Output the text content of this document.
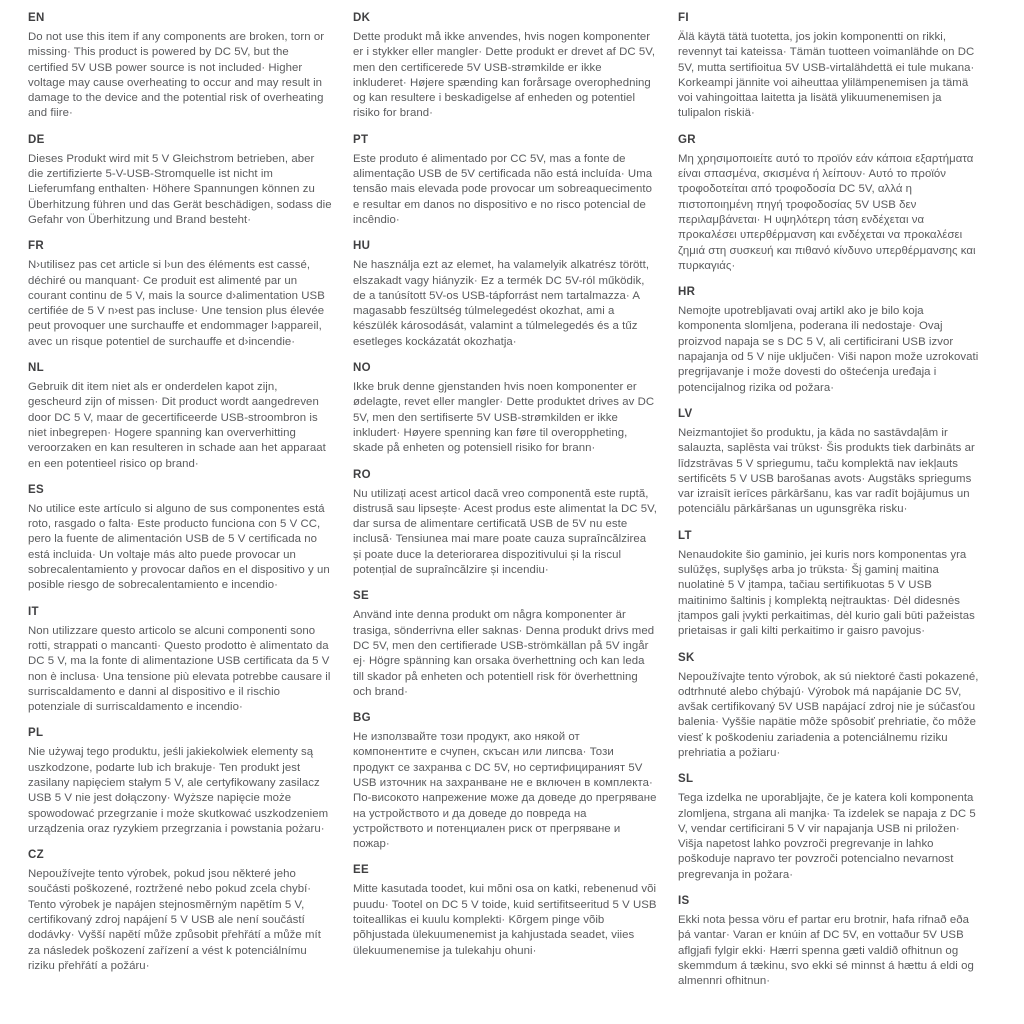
EN

Do not use this item if any components are broken, torn or missing· This product is powered by DC 5V, but the certified 5V USB power source is not included· Higher voltage may cause overheating to occur and may result in damage to the device and the potential risk of overheating and fiire·

DE

Dieses Produkt wird mit 5 V Gleichstrom betrieben, aber die zertifizierte 5-V-USB-Stromquelle ist nicht im Lieferumfang enthalten· Höhere Spannungen können zu Überhitzung führen und das Gerät beschädigen, sodass die Gefahr von Überhitzung und Brand besteht·

FR

N›utilisez pas cet article si l›un des éléments est cassé, déchiré ou manquant· Ce produit est alimenté par un courant continu de 5 V, mais la source d›alimentation USB certifiée de 5 V n›est pas incluse· Une tension plus élevée peut provoquer une surchauffe et endommager l›appareil, avec un risque potentiel de surchauffe et d›incendie·

NL

Gebruik dit item niet als er onderdelen kapot zijn, gescheurd zijn of missen· Dit product wordt aangedreven door DC 5 V, maar de gecertificeerde USB-stroombron is niet inbegrepen· Hogere spanning kan oververhitting veroorzaken en kan resulteren in schade aan het apparaat en een potentieel risico op brand·

ES

No utilice este artículo si alguno de sus componentes está roto, rasgado o falta· Este producto funciona con 5 V CC, pero la fuente de alimentación USB de 5 V certificada no está incluida· Un voltaje más alto puede provocar un sobrecalentamiento y provocar daños en el dispositivo y un posible riesgo de sobrecalentamiento e incendio·

IT

Non utilizzare questo articolo se alcuni componenti sono rotti, strappati o mancanti· Questo prodotto è alimentato da DC 5 V, ma la fonte di alimentazione USB certificata da 5 V non è inclusa· Una tensione più elevata potrebbe causare il surriscaldamento e danni al dispositivo e il rischio potenziale di surriscaldamento e incendio·

PL

Nie używaj tego produktu, jeśli jakiekolwiek elementy są uszkodzone, podarte lub ich brakuje· Ten produkt jest zasilany napięciem stałym 5 V, ale certyfikowany zasilacz USB 5 V nie jest dołączony· Wyższe napięcie może spowodować przegrzanie i może skutkować uszkodzeniem urządzenia oraz ryzykiem przegrzania i powstania pożaru·

CZ

Nepoužívejte tento výrobek, pokud jsou některé jeho součásti poškozené, roztržené nebo pokud zcela chybí· Tento výrobek je napájen stejnosměrným napětím 5 V, certifikovaný zdroj napájení 5 V USB ale není součástí dodávky· Vyšší napětí může způsobit přehřátí a může mít za následek poškození zařízení a vést k potenciálnímu riziku přehřátí a požáru·

DK

Dette produkt må ikke anvendes, hvis nogen komponenter er i stykker eller mangler· Dette produkt er drevet af DC 5V, men den certificerede 5V USB-strømkilde er ikke inkluderet· Højere spænding kan forårsage overophedning og kan resultere i beskadigelse af enheden og potentiel risiko for brand·

PT

Este produto é alimentado por CC 5V, mas a fonte de alimentação USB de 5V certificada não está incluída· Uma tensão mais elevada pode provocar um sobreaquecimento e resultar em danos no dispositivo e no risco potencial de incêndio·

HU

Ne használja ezt az elemet, ha valamelyik alkatrész törött, elszakadt vagy hiányzik· Ez a termék DC 5V-ról működik, de a tanúsított 5V-os USB-tápforrást nem tartalmazza· A magasabb feszültség túlmelegedést okozhat, ami a készülék károsodását, valamint a túlmelegedés és a tűz esetleges kockázatát okozhatja·

NO

Ikke bruk denne gjenstanden hvis noen komponenter er ødelagte, revet eller mangler· Dette produktet drives av DC 5V, men den sertifiserte 5V USB-strømkilden er ikke inkludert· Høyere spenning kan føre til overoppheting, skade på enheten og potensiell risiko for brann·

RO

Nu utilizați acest articol dacă vreo componentă este ruptă, distrusă sau lipsește· Acest produs este alimentat la DC 5V, dar sursa de alimentare certificată USB de 5V nu este inclusă· Tensiunea mai mare poate cauza supraîncălzirea și poate duce la deteriorarea dispozitivului și la riscul potențial de supraîncălzire și incendiu·

SE

Använd inte denna produkt om några komponenter är trasiga, sönderrivna eller saknas· Denna produkt drivs med DC 5V, men den certifierade USB-strömkällan på 5V ingår ej· Högre spänning kan orsaka överhettning och kan leda till skador på enheten och potentiell risk för överhettning och brand·

BG

Не използвайте този продукт, ако някой от компонентите е счупен, скъсан или липсва· Този продукт се захранва с DC 5V, но сертифицираният 5V USB източник на захранване не е включен в комплекта· По-високото напрежение може да доведе до прегряване на устройството и да доведе до повреда на устройството и потенциален риск от прегряване и пожар·

EE

Mitte kasutada toodet, kui mõni osa on katki, rebenenud või puudu· Tootel on DC 5 V toide, kuid sertifitseeritud 5 V USB toiteallikas ei kuulu komplekti· Kõrgem pinge võib põhjustada ülekuumenemist ja kahjustada seadet, viies ülekuumenemise ja tulekahju ohuni·

FI

Älä käytä tätä tuotetta, jos jokin komponentti on rikki, revennyt tai kateissa· Tämän tuotteen voimanlähde on DC 5V, mutta sertifioitua 5V USB-virtalähdettä ei tule mukana· Korkeampi jännite voi aiheuttaa ylilämpenemisen ja tämä voi vahingoittaa laitetta ja lisätä ylikuumenemisen ja tulipalon riskiä·

GR

Μη χρησιμοποιείτε αυτό το προϊόν εάν κάποια εξαρτήματα είναι σπασμένα, σκισμένα ή λείπουν· Αυτό το προϊόν τροφοδοτείται από τροφοδοσία DC 5V, αλλά η πιστοποιημένη πηγή τροφοδοσίας 5V USB δεν περιλαμβάνεται· Η υψηλότερη τάση ενδέχεται να προκαλέσει υπερθέρμανση και ενδέχεται να προκαλέσει ζημιά στη συσκευή και πιθανό κίνδυνο υπερθέρμανσης και πυρκαγιάς·

HR

Nemojte upotrebljavati ovaj artikl ako je bilo koja komponenta slomljena, poderana ili nedostaje· Ovaj proizvod napaja se s DC 5 V, ali certificirani USB izvor napajanja od 5 V nije uključen· Viši napon može uzrokovati pregrijavanje i može dovesti do oštećenja uređaja i potencijalnog rizika od požara·

LV

Neizmantojiet šo produktu, ja kāda no sastāvdaļām ir salauzta, saplēsta vai trūkst· Šis produkts tiek darbināts ar līdzstrāvas 5 V spriegumu, taču komplektā nav iekļauts sertificēts 5 V USB barošanas avots· Augstāks spriegums var izraisīt ierīces pārkāršanu, kas var radīt bojājumus un potenciālu pārkāršanas un ugunsgrēka risku·

LT

Nenaudokite šio gaminio, jei kuris nors komponentas yra sulūžęs, suplyšęs arba jo trūksta· Šį gaminį maitina nuolatinė 5 V įtampa, tačiau sertifikuotas 5 V USB maitinimo šaltinis į komplektą neįtrauktas· Dėl didesnės įtampos gali įvykti perkaitimas, dėl kurio gali būti pažeistas prietaisas ir gali kilti perkaitimo ir gaisro pavojus·

SK

Nepoužívajte tento výrobok, ak sú niektoré časti pokazené, odtrhnuté alebo chýbajú· Výrobok má napájanie DC 5V, avšak certifikovaný 5V USB napájací zdroj nie je súčasťou balenia· Vyššie napätie môže spôsobiť prehriatie, čo môže viesť k poškodeniu zariadenia a potenciálnemu riziku prehriatia a požiaru·

SL

Tega izdelka ne uporabljajte, če je katera koli komponenta zlomljena, strgana ali manjka· Ta izdelek se napaja z DC 5 V, vendar certificirani 5 V vir napajanja USB ni priložen· Višja napetost lahko povzroči pregrevanje in lahko poškoduje napravo ter povzroči potencialno nevarnost pregrevanja in požara·

IS

Ekki nota þessa vöru ef partar eru brotnir, hafa rifnað eða þá vantar· Varan er knúin af DC 5V, en vottaður 5V USB aflgjafi fylgir ekki· Hærri spenna gæti valdið ofhitnun og skemmdum á tækinu, svo ekki sé minnst á hættu á eldi og almennri ofhitnun·
